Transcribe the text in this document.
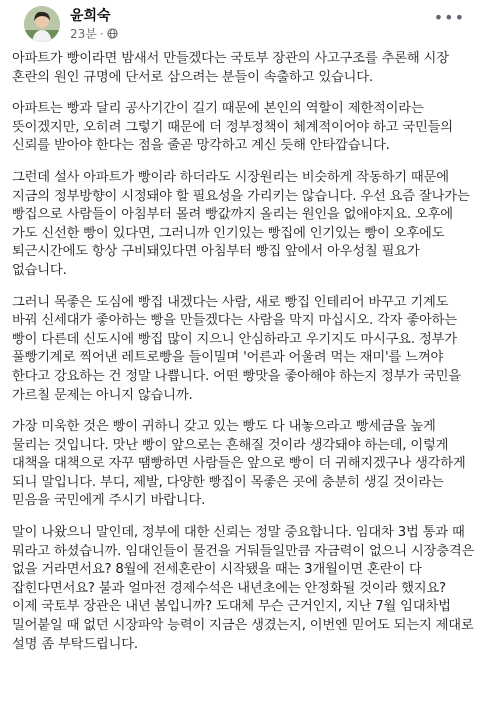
윤희숙
23분 ·
•••

아파트가 빵이라면 밤새서 만들겠다는 국토부 장관의 사고구조를 추론해 시장 혼란의 원인 규명에 단서로 삼으려는 분들이 속출하고 있습니다.

아파트는 빵과 달리 공사기간이 길기 때문에 본인의 역할이 제한적이라는 뜻이겠지만, 오히려 그렇기 때문에 더 정부정책이 체계적이어야 하고 국민들의 신뢰를 받아야 한다는 점을 줄곧 망각하고 계신 듯해 안타깝습니다.

그런데 설사 아파트가 빵이라 하더라도 시장원리는 비슷하게 작동하기 때문에 지금의 정부방향이 시정돼야 할 필요성을 가리키는 않습니다. 우선 요즘 잘나가는 빵집으로 사람들이 아침부터 몰려 빵값까지 올리는 원인을 없애야지요. 오후에 가도 신선한 빵이 있다면, 그러니까 인기있는 빵집에 인기있는 빵이 오후에도 퇴근시간에도 항상 구비돼있다면 아침부터 빵집 앞에서 아우성칠 필요가 없습니다.

그러니 목좋은 도심에 빵집 내겠다는 사람, 새로 빵집 인테리어 바꾸고 기계도 바꿔 신세대가 좋아하는 빵을 만들겠다는 사람을 막지 마십시오. 각자 좋아하는 빵이 다른데 신도시에 빵집 많이 지으니 안심하라고 우기지도 마시구요. 정부가 풀빵기계로 찍어낸 레트로빵을 들이밀며 '어른과 어울려 먹는 재미'를 느껴야 한다고 강요하는 건 정말 나쁩니다. 어떤 빵맛을 좋아해야 하는지 정부가 국민을 가르칠 문제는 아니지 않습니까.

가장 미욱한 것은 빵이 귀하니 갖고 있는 빵도 다 내놓으라고 빵세금을 높게 물리는 것입니다. 맛난 빵이 앞으로는 흔해질 것이라 생각돼야 하는데, 이렇게 대책을 대책으로 자꾸 땜빵하면 사람들은 앞으로 빵이 더 귀해지겠구나 생각하게 되니 말입니다. 부디, 제발, 다양한 빵집이 목좋은 곳에 충분히 생길 것이라는 믿음을 국민에게 주시기 바랍니다.

말이 나왔으니 말인데, 정부에 대한 신뢰는 정말 중요합니다. 임대차 3법 통과 때 뭐라고 하셨습니까. 임대인들이 물건을 거둬들일만큼 자금력이 없으니 시장충격은 없을 거라면서요? 8월에 전세혼란이 시작됐을 때는 3개월이면 혼란이 다 잡힌다면서요? 불과 얼마전 경제수석은 내년초에는 안정화될 것이라 했지요? 이제 국토부 장관은 내년 봄입니까? 도대체 무슨 근거인지, 지난 7월 임대차법 밀어붙일 때 없던 시장파악 능력이 지금은 생겼는지, 이번엔 믿어도 되는지 제대로 설명 좀 부탁드립니다.
